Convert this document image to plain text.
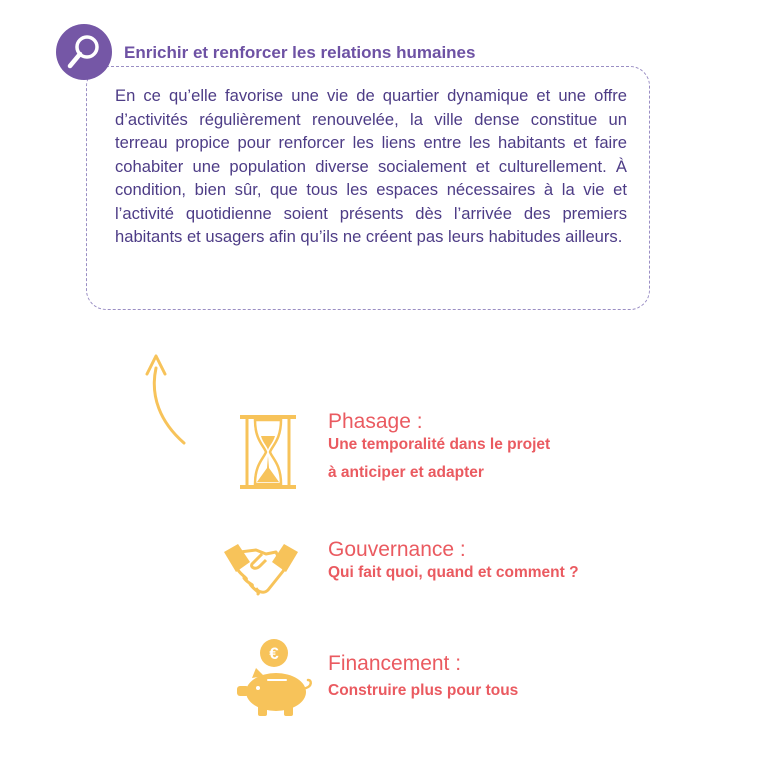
Enrichir et renforcer les relations humaines

En ce qu’elle favorise une vie de quartier dynamique et une offre d’activités régulièrement renouvelée, la ville dense constitue un terreau propice pour renforcer les liens entre les habitants et faire cohabiter une population diverse socialement et culturellement. À condition, bien sûr, que tous les espaces nécessaires à la vie et l’activité quotidienne soient présents dès l’arrivée des premiers habitants et usagers afin qu’ils ne créent pas leurs habitudes ailleurs.

Phasage :
Une temporalité dans le projet
à anticiper et adapter
Gouvernance :
Qui fait quoi, quand et comment ?
€ Financement :
Construire plus pour tous
